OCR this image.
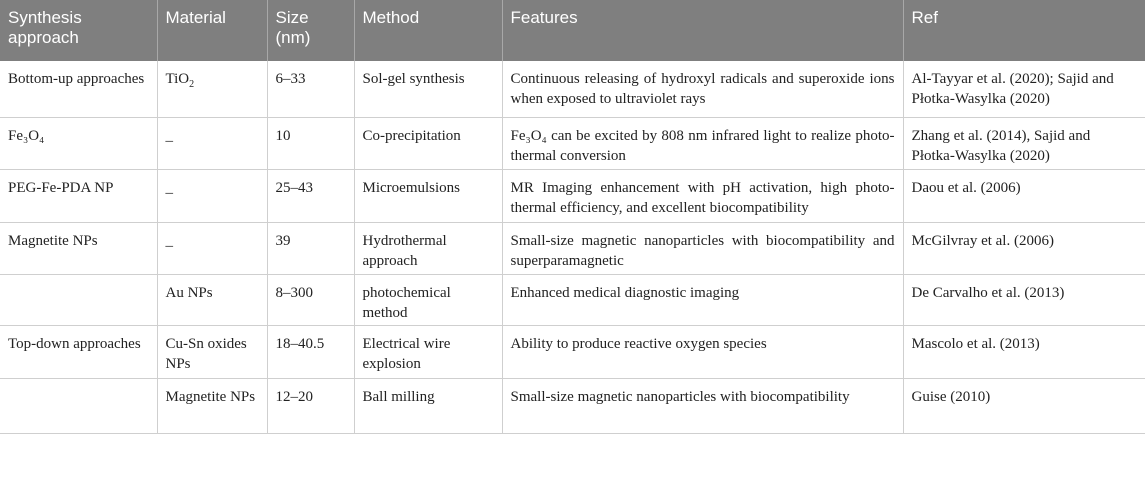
Synthesis approach	Material	Size (nm)	Method	Features	Ref
Bottom-up approaches	TiO$_2$	6–33	Sol-gel synthesis	Continuous releasing of hydroxyl radicals and superoxide ions when exposed to ultraviolet rays	Al-Tayyar et al. (2020); Sajid and Płotka-Wasylka (2020)
Fe₃O₄	_	10	Co-precipitation	Fe₃O₄ can be excited by 808 nm infrared light to realize photo-thermal conversion	Zhang et al. (2014), Sajid and Płotka-Wasylka (2020)
PEG-Fe-PDA NP	_	25–43	Microemulsions	MR Imaging enhancement with pH activation, high photo-thermal efficiency, and excellent biocompatibility	Daou et al. (2006)
Magnetite NPs	_	39	Hydrothermal approach	Small-size magnetic nanoparticles with biocompatibility and superparamagnetic	McGilvray et al. (2006)
	Au NPs	8–300	photochemical method	Enhanced medical diagnostic imaging	De Carvalho et al. (2013)
Top-down approaches	Cu-Sn oxides NPs	18–40.5	Electrical wire explosion	Ability to produce reactive oxygen species	Mascolo et al. (2013)
	Magnetite NPs	12–20	Ball milling	Small-size magnetic nanoparticles with biocompatibility	Guise (2010)
